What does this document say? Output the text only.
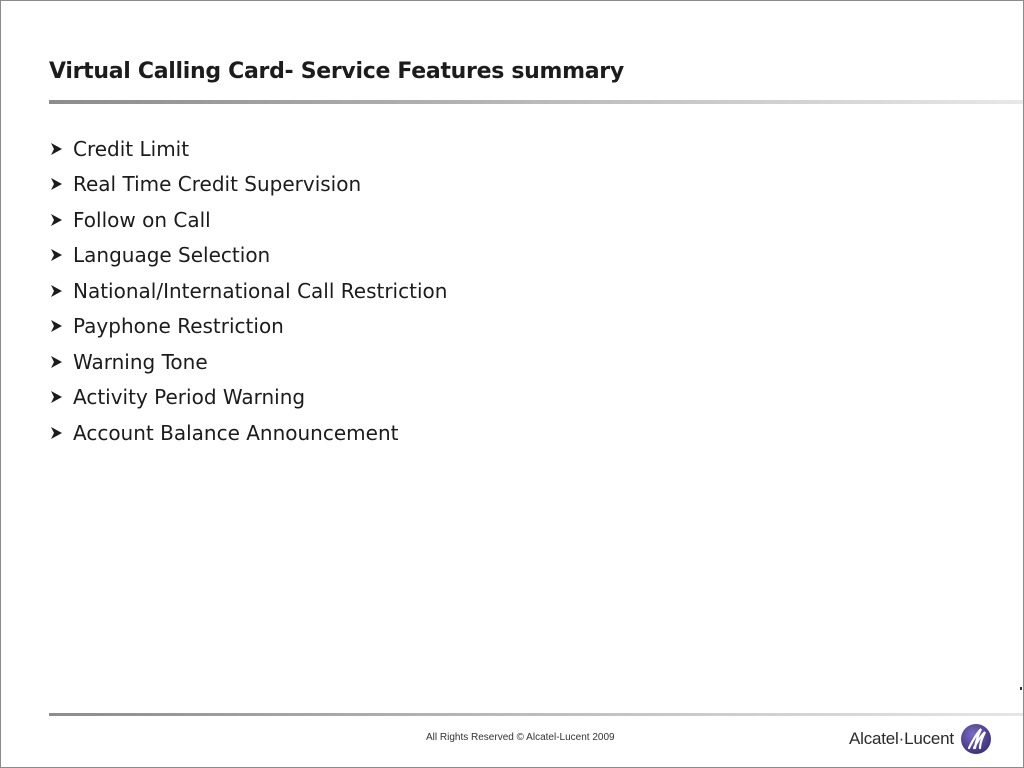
Virtual Calling Card- Service Features summary
Credit Limit
Real Time Credit Supervision
Follow on Call
Language Selection
National/International Call Restriction
Payphone Restriction
Warning Tone
Activity Period Warning
Account Balance Announcement
All Rights Reserved © Alcatel-Lucent 2009	Alcatel·Lucent
